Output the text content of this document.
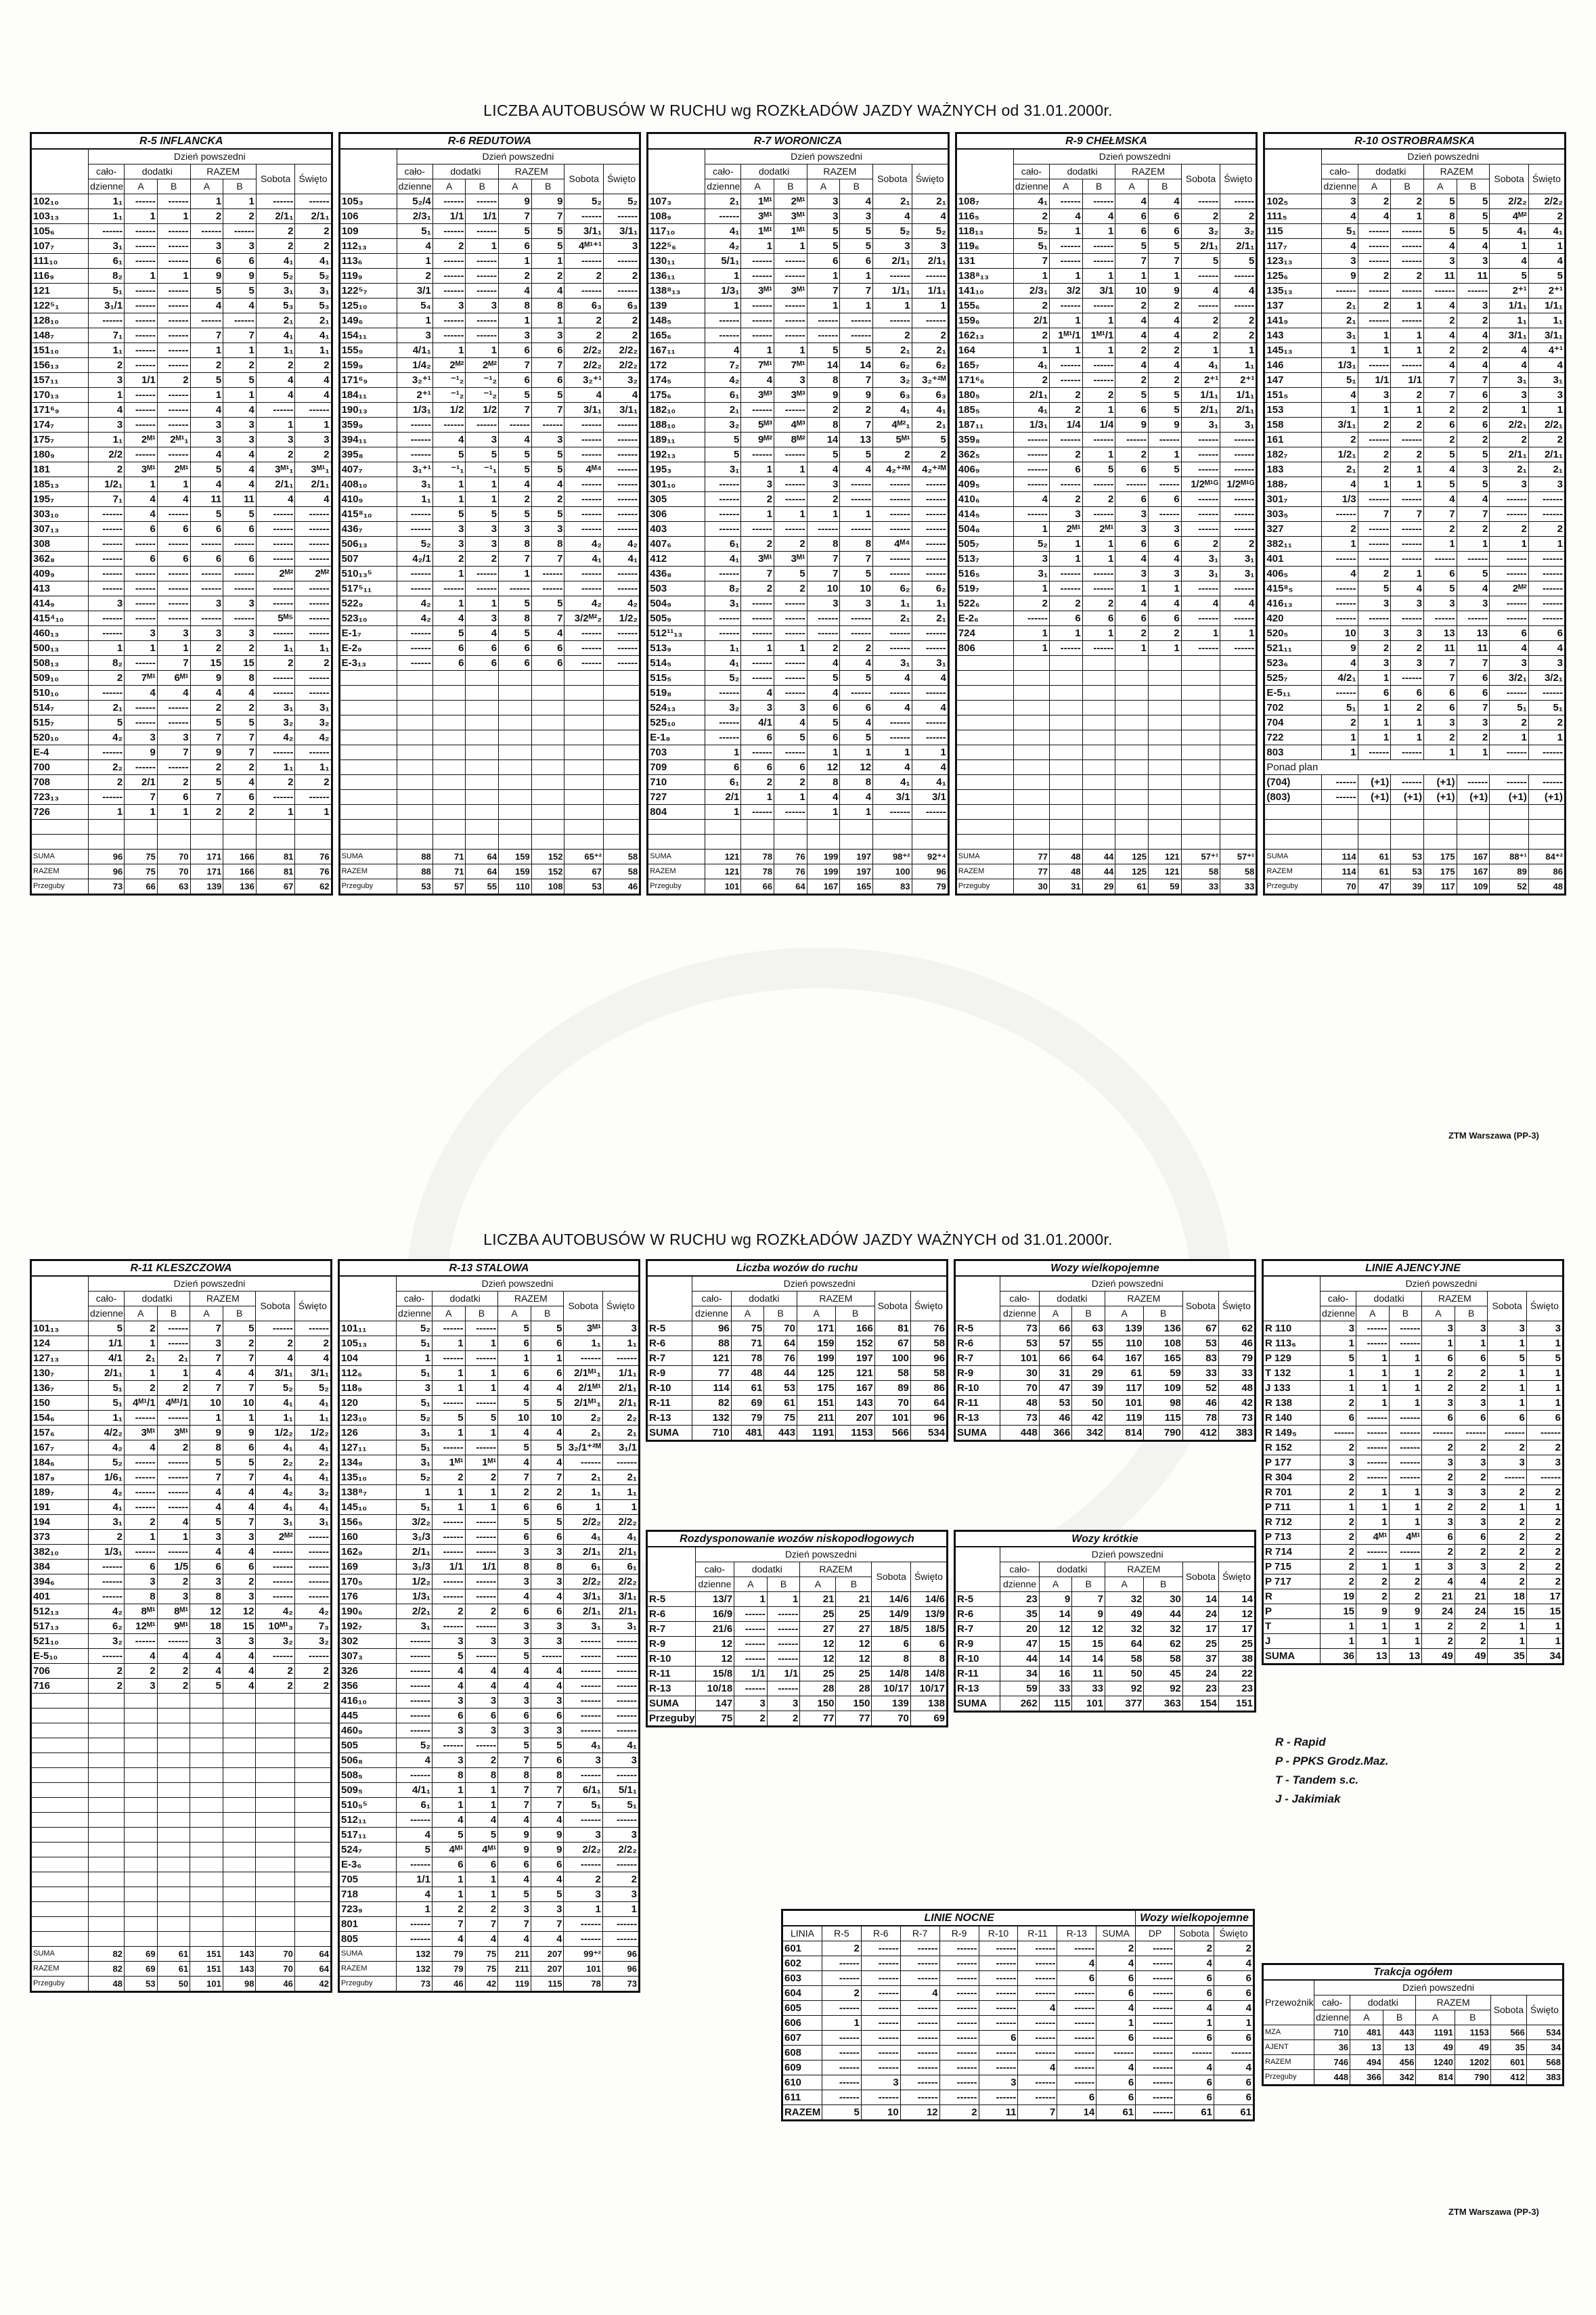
LICZBA AUTOBUSÓW W RUCHU wg ROZKŁADÓW JAZDY WAŻNYCH od 31.01.2000r.
R-5 INFLANCKA							
	Dzień powszedni						
	cało-	dodatki		RAZEM		Sobota	Święto
	dzienne	A	B	A	B		
102₁₀	1₁	------	------	1	1	------	------
103₁₃	1₁	1	1	2	2	2/1₁	2/1₁
105₆	------	------	------	------	------	2	2
107₇	3₁	------	------	3	3	2	2
111₁₀	6₁	------	------	6	6	4₁	4₁
116₉	8₂	1	1	9	9	5₂	5₂
121	5₁	------	------	5	5	3₁	3₁
122⁵₁	3₁/1	------	------	4	4	5₃	5₃
128₁₀	------	------	------	------	------	2₁	2₁
148₇	7₁	------	------	7	7	4₁	4₁
151₁₀	1₁	------	------	1	1	1₁	1₁
156₁₃	2	------	------	2	2	2	2
157₁₁	3	1/1	2	5	5	4	4
170₁₃	1	------	------	1	1	4	4
171⁶₉	4	------	------	4	4	------	------
174₇	3	------	------	3	3	1	1
175₇	1₁	2ᴹ¹	2ᴹ¹₁	3	3	3	3
180₉	2/2	------	------	4	4	2	2
181	2	3ᴹ¹	2ᴹ¹	5	4	3ᴹ¹₁	3ᴹ¹₁
185₁₃	1/2₁	1	1	4	4	2/1₁	2/1₁
195₇	7₁	4	4	11	11	4	4
303₁₀	------	4	------	5	5	------	------
307₁₃	------	6	6	6	6	------	------
308	------	------	------	------	------	------	------
362₈	------	6	6	6	6	------	------
409₉	------	------	------	------	------	2ᴹ²	2ᴹ²
413	------	------	------	------	------	------	------
414₉	3	------	------	3	3	------	------
415⁴₁₀	------	------	------	------	------	5ᴹ⁵	------
460₁₃	------	3	3	3	3	------	------
500₁₃	1	1	1	2	2	1₁	1₁
508₁₃	8₂	------	7	15	15	2	2
509₁₀	2	7ᴹ¹	6ᴹ¹	9	8	------	------
510₁₀	------	4	4	4	4	------	------
514₇	2₁	------	------	2	2	3₁	3₁
515₇	5	------	------	5	5	3₂	3₂
520₁₀	4₂	3	3	7	7	4₂	4₂
E-4	------	9	7	9	7	------	------
700	2₂	------	------	2	2	1₁	1₁
708	2	2/1	2	5	4	2	2
723₁₃	------	7	6	7	6	------	------
726	1	1	1	2	2	1	1

SUMA	96	75	70	171	166	81	76
RAZEM	96	75	70	171	166	81	76
Przeguby	73	66	63	139	136	67	62
R-6 REDUTOWA							
	Dzień powszedni						
	cało-	dodatki		RAZEM		Sobota	Święto
	dzienne	A	B	A	B		
105₃	5₂/4	------	------	9	9	5₂	5₂
106	2/3₁	1/1	1/1	7	7	------	------
109	5₁	------	------	5	5	3/1₁	3/1₁
112₁₃	4	2	1	6	5	4ᴹ¹⁺¹	3
113₆	1	------	------	1	1	------	------
119₉	2	------	------	2	2	2	2
122⁵₇	3/1	------	------	4	4	------	------
125₁₀	5₄	3	3	8	8	6₃	6₃
149₆	1	------	------	1	1	2	2
154₁₁	3	------	------	3	3	2	2
155₉	4/1₁	1	1	6	6	2/2₂	2/2₂
159₉	1/4₂	2ᴹ²	2ᴹ²	7	7	2/2₂	2/2₂
171⁶₉	3₂⁺¹	⁻¹₂	⁻¹₂	6	6	3₂⁺¹	3₂
184₁₁	2⁺¹	⁻¹₂	⁻¹₂	5	5	4	4
190₁₃	1/3₁	1/2	1/2	7	7	3/1₁	3/1₁
359₉	------	------	------	------	------	------	------
394₁₁	------	4	3	4	3	------	------
395₈	------	5	5	5	5	------	------
407₇	3₁⁺¹	⁻¹₁	⁻¹₁	5	5	4ᴹ⁴	------
408₁₀	3₁	1	1	4	4	------	------
410₉	1₁	1	1	2	2	------	------
415⁸₁₀	------	5	5	5	5	------	------
436₇	------	3	3	3	3	------	------
506₁₃	5₂	3	3	8	8	4₂	4₂
507	4₂/1	2	2	7	7	4₁	4₁
510₁₃⁵	------	1	------	1	------	------	------
517⁵₁₁	------	------	------	------	------	------	------
522₉	4₂	1	1	5	5	4₂	4₂
523₁₀	4₂	4	3	8	7	3/2ᴹ²₂	1/2₂
E-1₇	------	5	4	5	4	------	------
E-2₉	------	6	6	6	6	------	------
E-3₁₃	------	6	6	6	6	------	------

SUMA	88	71	64	159	152	65⁺²	58
RAZEM	88	71	64	159	152	67	58
Przeguby	53	57	55	110	108	53	46
R-7 WORONICZA							
	Dzień powszedni						
	cało-	dodatki		RAZEM		Sobota	Święto
	dzienne	A	B	A	B		
107₃	2₁	1ᴹ¹	2ᴹ¹	3	4	2₁	2₁
108₉	------	3ᴹ¹	3ᴹ¹	3	3	4	4
117₁₀	4₁	1ᴹ¹	1ᴹ¹	5	5	5₂	5₂
122⁵₆	4₂	1	1	5	5	3	3
130₁₁	5/1₁	------	------	6	6	2/1₁	2/1₁
136₁₁	1	------	------	1	1	------	------
138⁸₁₃	1/3₁	3ᴹ¹	3ᴹ¹	7	7	1/1₁	1/1₁
139	1	------	------	1	1	1	1
148₅	------	------	------	------	------	------	------
165₆	------	------	------	------	------	2	2
167₁₁	4	1	1	5	5	2₁	2₁
172	7₂	7ᴹ¹	7ᴹ¹	14	14	6₂	6₂
174₅	4₂	4	3	8	7	3₂	3₂⁺²ᴹ
175₆	6₁	3ᴹ³	3ᴹ³	9	9	6₃	6₃
182₁₀	2₁	------	------	2	2	4₁	4₁
188₁₀	3₂	5ᴹ³	4ᴹ³	8	7	4ᴹ²₁	2₁
189₁₁	5	9ᴹ²	8ᴹ²	14	13	5ᴹ¹	5
192₁₃	5	------	------	5	5	2	2
195₃	3₁	1	1	4	4	4₂⁺²ᴹ	4₂⁺²ᴹ
301₁₀	------	3	------	3	------	------	------
305	------	2	------	2	------	------	------
306	------	1	1	1	1	------	------
403	------	------	------	------	------	------	------
407₆	6₁	2	2	8	8	4ᴹ⁴	------
412	4₁	3ᴹ¹	3ᴹ¹	7	7	------	------
436₈	------	7	5	7	5	------	------
503	8₂	2	2	10	10	6₂	6₂
504₉	3₁	------	------	3	3	1₁	1₁
505₉	------	------	------	------	------	2₁	2₁
512¹¹₁₃	------	------	------	------	------	------	------
513₉	1₁	1	1	2	2	------	------
514₅	4₁	------	------	4	4	3₁	3₁
515₅	5₂	------	------	5	5	4	4
519₈	------	4	------	4	------	------	------
524₁₃	3₂	3	3	6	6	4	4
525₁₀	------	4/1	4	5	4	------	------
E-1₈	------	6	5	6	5	------	------
703	1	------	------	1	1	1	1
709	6	6	6	12	12	4	4
710	6₁	2	2	8	8	4₁	4₁
727	2/1	1	1	4	4	3/1	3/1
804	1	------	------	1	1	------	------

SUMA	121	78	76	199	197	98⁺²	92⁺⁴
RAZEM	121	78	76	199	197	100	96
Przeguby	101	66	64	167	165	83	79
R-9 CHEŁMSKA							
	Dzień powszedni						
	cało-	dodatki		RAZEM		Sobota	Święto
	dzienne	A	B	A	B		
108₇	4₁	------	------	4	4	------	------
116₅	2	4	4	6	6	2	2
118₁₃	5₂	1	1	6	6	3₂	3₂
119₆	5₁	------	------	5	5	2/1₁	2/1₁
131	7	------	------	7	7	5	5
138⁸₁₃	1	1	1	1	1	------	------
141₁₀	2/3₁	3/2	3/1	10	9	4	4
155₆	2	------	------	2	2	------	------
159₆	2/1	1	1	4	4	2	2
162₁₃	2	1ᴹ¹/1	1ᴹ¹/1	4	4	2	2
164	1	1	1	2	2	1	1
165₇	4₁	------	------	4	4	4₁	1₁
171⁶₆	2	------	------	2	2	2⁺¹	2⁺¹
180₅	2/1₁	2	2	5	5	1/1₁	1/1₁
185₅	4₁	2	1	6	5	2/1₁	2/1₁
187₁₁	1/3₁	1/4	1/4	9	9	3₁	3₁
359₈	------	------	------	------	------	------	------
362₅	------	2	1	2	1	------	------
406₉	------	6	5	6	5	------	------
409₅	------	------	------	------	------	1/2ᴹ¹ᴳ	1/2ᴹ¹ᴳ
410₆	4	2	2	6	6	------	------
414₅	------	3	------	3	------	------	------
504₈	1	2ᴹ¹	2ᴹ¹	3	3	------	------
505₇	5₂	1	1	6	6	2	2
513₇	3	1	1	4	4	3₁	3₁
516₅	3₁	------	------	3	3	3₁	3₁
519₇	1	------	------	1	1	------	------
522₆	2	2	2	4	4	4	4
E-2₆	------	6	6	6	6	------	------
724	1	1	1	2	2	1	1
806	1	------	------	1	1	------	------

SUMA	77	48	44	125	121	57⁺¹	57⁺¹
RAZEM	77	48	44	125	121	58	58
Przeguby	30	31	29	61	59	33	33
R-10 OSTROBRAMSKA							
	Dzień powszedni						
	cało-	dodatki		RAZEM		Sobota	Święto
	dzienne	A	B	A	B		
102₅	3	2	2	5	5	2/2₂	2/2₂
111₅	4	4	1	8	5	4ᴹ²	2
115	5₁	------	------	5	5	4₁	4₁
117₇	4	------	------	4	4	1	1
123₁₃	3	------	------	3	3	4	4
125₆	9	2	2	11	11	5	5
135₁₃	------	------	------	------	------	2⁺¹	2⁺¹
137	2₁	2	1	4	3	1/1₁	1/1₁
141₉	2₁	------	------	2	2	1₁	1₁
143	3₁	1	1	4	4	3/1₁	3/1₁
145₁₃	1	1	1	2	2	4	4⁺¹
146	1/3₁	------	------	4	4	4	4
147	5₁	1/1	1/1	7	7	3₁	3₁
151₅	4	3	2	7	6	3	3
153	1	1	1	2	2	1	1
158	3/1₁	2	2	6	6	2/2₁	2/2₁
161	2	------	------	2	2	2	2
182₇	1/2₁	2	2	5	5	2/1₁	2/1₁
183	2₁	2	1	4	3	2₁	2₁
188₇	4	1	1	5	5	3	3
301₇	1/3	------	------	4	4	------	------
303₅	------	7	7	7	7	------	------
327	2	------	------	2	2	2	2
382₁₁	1	------	------	1	1	1	1
401	------	------	------	------	------	------	------
406₅	4	2	1	6	5	------	------
415⁸₅	------	5	4	5	4	2ᴹ²	------
416₁₃	------	3	3	3	3	------	------
420	------	------	------	------	------	------	------
520₅	10	3	3	13	13	6	6
521₁₁	9	2	2	11	11	4	4
523₆	4	3	3	7	7	3	3
525₇	4/2₁	1	------	7	6	3/2₁	3/2₁
E-5₁₁	------	6	6	6	6	------	------
702	5₁	1	2	6	7	5₁	5₁
704	2	1	1	3	3	2	2
722	1	1	1	2	2	1	1
803	1	------	------	1	1	------	------
Ponad plan							
(704)	------	(+1)	------	(+1)	------	------	------
(803)	------	(+1)	(+1)	(+1)	(+1)	(+1)	(+1)

SUMA	114	61	53	175	167	88⁺¹	84⁺²
RAZEM	114	61	53	175	167	89	86
Przeguby	70	47	39	117	109	52	48
ZTM Warszawa (PP-3)
LICZBA AUTOBUSÓW W RUCHU wg ROZKŁADÓW JAZDY WAŻNYCH od 31.01.2000r.
R-11 KLESZCZOWA							
	Dzień powszedni						
	cało-	dodatki		RAZEM		Sobota	Święto
	dzienne	A	B	A	B		
101₁₃	5	2	------	7	5	------	------
124	1/1	1	------	3	2	2	2
127₁₃	4/1	2₁	2₁	7	7	4	4
130₇	2/1₁	1	1	4	4	3/1₁	3/1₁
136₇	5₁	2	2	7	7	5₂	5₂
150	5₁	4ᴹ¹/1	4ᴹ¹/1	10	10	4₁	4₁
154₆	1₁	------	------	1	1	1₁	1₁
157₆	4/2₂	3ᴹ¹	3ᴹ¹	9	9	1/2₂	1/2₂
167₇	4₂	4	2	8	6	4₁	4₁
184₆	5₂	------	------	5	5	2₂	2₂
187₉	1/6₁	------	------	7	7	4₁	4₁
189₇	4₂	------	------	4	4	4₂	3₂
191	4₁	------	------	4	4	4₁	4₁
194	3₁	2	4	5	7	3₁	3₁
373	2	1	1	3	3	2ᴹ²	------
382₁₀	1/3₁	------	------	4	4	------	------
384	------	6	1/5	6	6	------	------
394₆	------	3	2	3	2	------	------
401	------	8	3	8	3	------	------
512₁₃	4₂	8ᴹ¹	8ᴹ¹	12	12	4₂	4₂
517₁₃	6₂	12ᴹ¹	9ᴹ¹	18	15	10ᴹ¹₃	7₃
521₁₀	3₂	------	------	3	3	3₂	3₂
E-5₁₀	------	4	4	4	4	------	------
706	2	2	2	4	4	2	2
716	2	3	2	5	4	2	2

SUMA	82	69	61	151	143	70	64
RAZEM	82	69	61	151	143	70	64
Przeguby	48	53	50	101	98	46	42
R-13 STALOWA							
	Dzień powszedni						
	cało-	dodatki		RAZEM		Sobota	Święto
	dzienne	A	B	A	B		
101₁₁	5₂	------	------	5	5	3ᴹ¹	3
105₁₃	5₁	1	1	6	6	1₁	1₁
104	1	------	------	1	1	------	------
112₆	5₁	1	1	6	6	2/1ᴹ¹₁	1/1₁
118₉	3	1	1	4	4	2/1ᴹ¹	2/1₁
120	5₁	------	------	5	5	2/1ᴹ¹₁	2/1₁
123₁₀	5₂	5	5	10	10	2₂	2₂
126	3₁	1	1	4	4	2₁	2₁
127₁₁	5₁	------	------	5	5	3₂/1⁺²ᴹ	3₁/1
134₉	3₁	1ᴹ¹	1ᴹ¹	4	4	------	------
135₁₀	5₂	2	2	7	7	2₁	2₁
138⁸₇	1	1	1	2	2	1₁	1₁
145₁₀	5₁	1	1	6	6	1	1
156₅	3/2₂	------	------	5	5	2/2₂	2/2₂
160	3₁/3	------	------	6	6	4₁	4₁
162₉	2/1₁	------	------	3	3	2/1₁	2/1₁
169	3₁/3	1/1	1/1	8	8	6₁	6₁
170₅	1/2₂	------	------	3	3	2/2₂	2/2₂
176	1/3₁	------	------	4	4	3/1₁	3/1₁
190₆	2/2₁	2	2	6	6	2/1₁	2/1₁
192₇	3₁	------	------	3	3	3₁	3₁
302	------	3	3	3	3	------	------
307₃	------	5	------	5	------	------	------
326	------	4	4	4	4	------	------
356	------	4	4	4	4	------	------
416₁₀	------	3	3	3	3	------	------
445	------	6	6	6	6	------	------
460₉	------	3	3	3	3	------	------
505	5₂	------	------	5	5	4₁	4₁
506₈	4	3	2	7	6	3	3
508₅	------	8	8	8	8	------	------
509₅	4/1₁	1	1	7	7	6/1₁	5/1₁
510₅⁵	6₁	1	1	7	7	5₁	5₁
512₁₁	------	4	4	4	4	------	------
517₁₁	4	5	5	9	9	3	3
524₇	5	4ᴹ¹	4ᴹ¹	9	9	2/2₂	2/2₂
E-3₆	------	6	6	6	6	------	------
705	1/1	1	1	4	4	2	2
718	4	1	1	5	5	3	3
723₉	1	2	2	3	3	1	1
801	------	7	7	7	7	------	------
805	------	4	4	4	4	------	------
SUMA	132	79	75	211	207	99⁺²	96
RAZEM	132	79	75	211	207	101	96
Przeguby	73	46	42	119	115	78	73
Liczba wozów do ruchu							
	Dzień powszedni						
	cało-	dodatki		RAZEM		Sobota	Święto
	dzienne	A	B	A	B		
R-5	96	75	70	171	166	81	76
R-6	88	71	64	159	152	67	58
R-7	121	78	76	199	197	100	96
R-9	77	48	44	125	121	58	58
R-10	114	61	53	175	167	89	86
R-11	82	69	61	151	143	70	64
R-13	132	79	75	211	207	101	96
SUMA	710	481	443	1191	1153	566	534
Wozy wielkopojemne							
	Dzień powszedni						
	cało-	dodatki		RAZEM		Sobota	Święto
	dzienne	A	B	A	B		
R-5	73	66	63	139	136	67	62
R-6	53	57	55	110	108	53	46
R-7	101	66	64	167	165	83	79
R-9	30	31	29	61	59	33	33
R-10	70	47	39	117	109	52	48
R-11	48	53	50	101	98	46	42
R-13	73	46	42	119	115	78	73
SUMA	448	366	342	814	790	412	383
Rozdysponowanie wozów niskopodłogowych							
	Dzień powszedni						
	cało-	dodatki		RAZEM		Sobota	Święto
	dzienne	A	B	A	B		
R-5	13/7	1	1	21	21	14/6	14/6
R-6	16/9	------	------	25	25	14/9	13/9
R-7	21/6	------	------	27	27	18/5	18/5
R-9	12	------	------	12	12	6	6
R-10	12	------	------	12	12	8	8
R-11	15/8	1/1	1/1	25	25	14/8	14/8
R-13	10/18	------	------	28	28	10/17	10/17
SUMA	147	3	3	150	150	139	138
Przeguby	75	2	2	77	77	70	69
Wozy krótkie							
	Dzień powszedni						
	cało-	dodatki		RAZEM		Sobota	Święto
	dzienne	A	B	A	B		
R-5	23	9	7	32	30	14	14
R-6	35	14	9	49	44	24	12
R-7	20	12	12	32	32	17	17
R-9	47	15	15	64	62	25	25
R-10	44	14	14	58	58	37	38
R-11	34	16	11	50	45	24	22
R-13	59	33	33	92	92	23	23
SUMA	262	115	101	377	363	154	151
LINIE AJENCYJNE							
	Dzień powszedni						
	cało-	dodatki		RAZEM		Sobota	Święto
	dzienne	A	B	A	B		
R 110	3	------	------	3	3	3	3
R 113₆	1	------	------	1	1	1	1
P 129	5	1	1	6	6	5	5
T 132	1	1	1	2	2	1	1
J 133	1	1	1	2	2	1	1
R 138	2	1	1	3	3	1	1
R 140	6	------	------	6	6	6	6
R 149₅	------	------	------	------	------	------	------
R 152	2	------	------	2	2	2	2
P 177	3	------	------	3	3	3	3
R 304	2	------	------	2	2	------	------
R 701	2	1	1	3	3	2	2
P 711	1	1	1	2	2	1	1
R 712	2	1	1	3	3	2	2
P 713	2	4ᴹ¹	4ᴹ¹	6	6	2	2
R 714	2	------	------	2	2	2	2
P 715	2	1	1	3	3	2	2
P 717	2	2	2	4	4	2	2
R	19	2	2	21	21	18	17
P	15	9	9	24	24	15	15
T	1	1	1	2	2	1	1
J	1	1	1	2	2	1	1
SUMA	36	13	13	49	49	35	34
R - Rapid
P - PPKS Grodz.Maz.
T - Tandem s.c.
J - Jakimiak
LINIE NOCNE									Wozy wielkopojemne		
LINIA	R-5	R-6	R-7	R-9	R-10	R-11	R-13	SUMA	DP	Sobota	Święto
601	2	------	------	------	------	------	------	2	------	2	2
602	------	------	------	------	------	------	4	4	------	4	4
603	------	------	------	------	------	------	6	6	------	6	6
604	2	------	4	------	------	------	------	6	------	6	6
605	------	------	------	------	------	4	------	4	------	4	4
606	1	------	------	------	------	------	------	1	------	1	1
607	------	------	------	------	6	------	------	6	------	6	6
608	------	------	------	------	------	------	------	------	------	------	------
609	------	------	------	------	------	4	------	4	------	4	4
610	------	3	------	------	3	------	------	6	------	6	6
611	------	------	------	------	------	------	6	6	------	6	6
RAZEM	5	10	12	2	11	7	14	61	------	61	61
Trakcja ogółem							
Przewoźnik	Dzień powszedni						
	cało-	dodatki		RAZEM		Sobota	Święto
	dzienne	A	B	A	B		
MZA	710	481	443	1191	1153	566	534
AJENT	36	13	13	49	49	35	34
RAZEM	746	494	456	1240	1202	601	568
Przeguby	448	366	342	814	790	412	383
ZTM Warszawa (PP-3)
